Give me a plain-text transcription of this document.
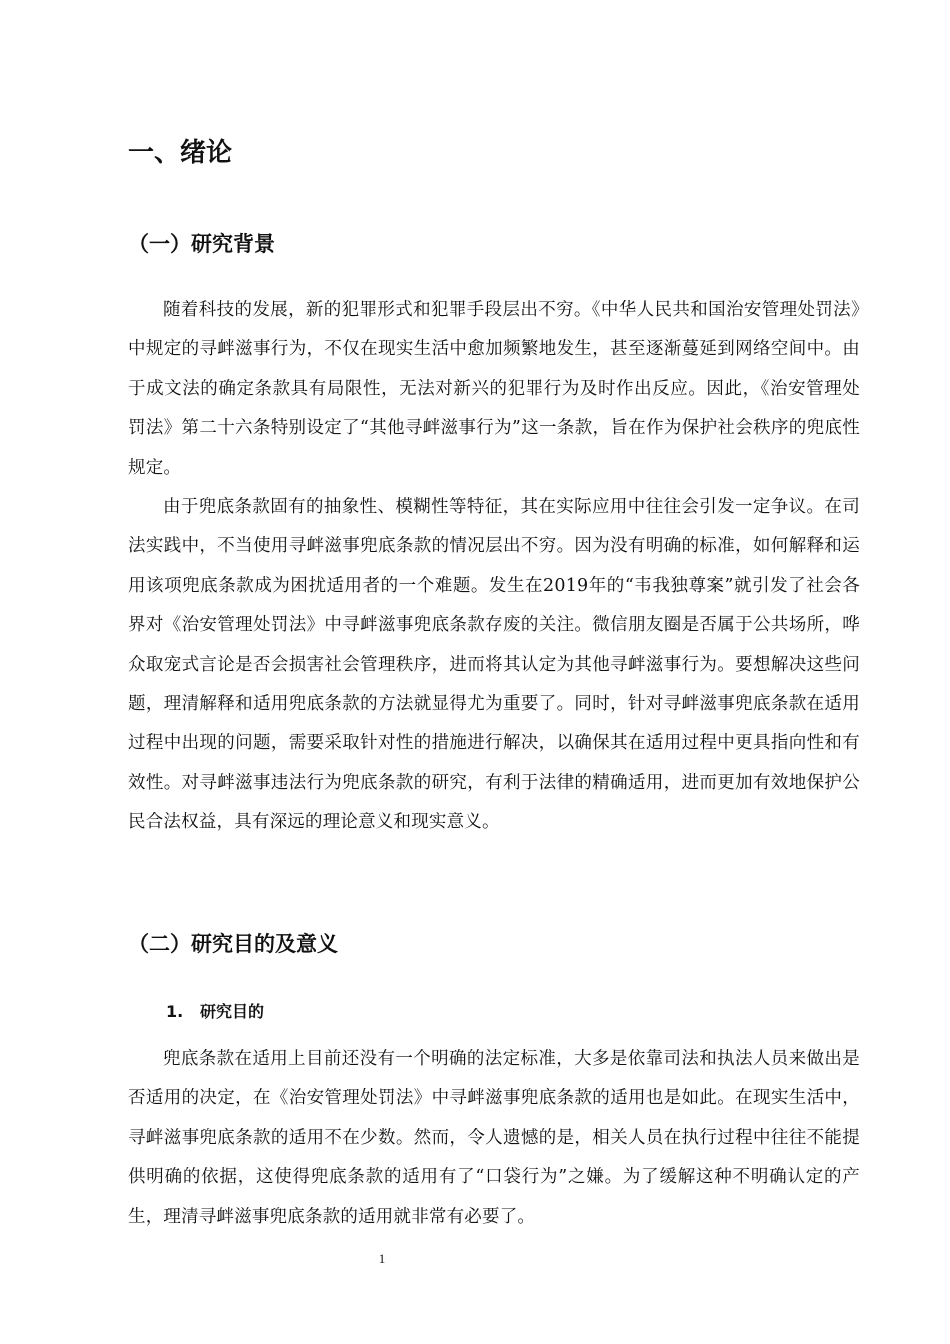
一、绪论
（一）研究背景

随着科技的发展，新的犯罪形式和犯罪手段层出不穷。《中华人民共和国治安管理处罚法》中规定的寻衅滋事行为，不仅在现实生活中愈加频繁地发生，甚至逐渐蔓延到网络空间中。由于成文法的确定条款具有局限性，无法对新兴的犯罪行为及时作出反应。因此，《治安管理处罚法》第二十六条特别设定了“其他寻衅滋事行为”这一条款，旨在作为保护社会秩序的兜底性规定。

由于兜底条款固有的抽象性、模糊性等特征，其在实际应用中往往会引发一定争议。在司法实践中，不当使用寻衅滋事兜底条款的情况层出不穷。因为没有明确的标准，如何解释和运用该项兜底条款成为困扰适用者的一个难题。发生在2019年的“韦我独尊案”就引发了社会各界对《治安管理处罚法》中寻衅滋事兜底条款存废的关注。微信朋友圈是否属于公共场所，哗众取宠式言论是否会损害社会管理秩序，进而将其认定为其他寻衅滋事行为。要想解决这些问题，理清解释和适用兜底条款的方法就显得尤为重要了。同时，针对寻衅滋事兜底条款在适用过程中出现的问题，需要采取针对性的措施进行解决，以确保其在适用过程中更具指向性和有效性。对寻衅滋事违法行为兜底条款的研究，有利于法律的精确适用，进而更加有效地保护公民合法权益，具有深远的理论意义和现实意义。

（二）研究目的及意义
1. 研究目的

兜底条款在适用上目前还没有一个明确的法定标准，大多是依靠司法和执法人员来做出是否适用的决定，在《治安管理处罚法》中寻衅滋事兜底条款的适用也是如此。在现实生活中，寻衅滋事兜底条款的适用不在少数。然而，令人遗憾的是，相关人员在执行过程中往往不能提供明确的依据，这使得兜底条款的适用有了“口袋行为”之嫌。为了缓解这种不明确认定的产生，理清寻衅滋事兜底条款的适用就非常有必要了。

1
